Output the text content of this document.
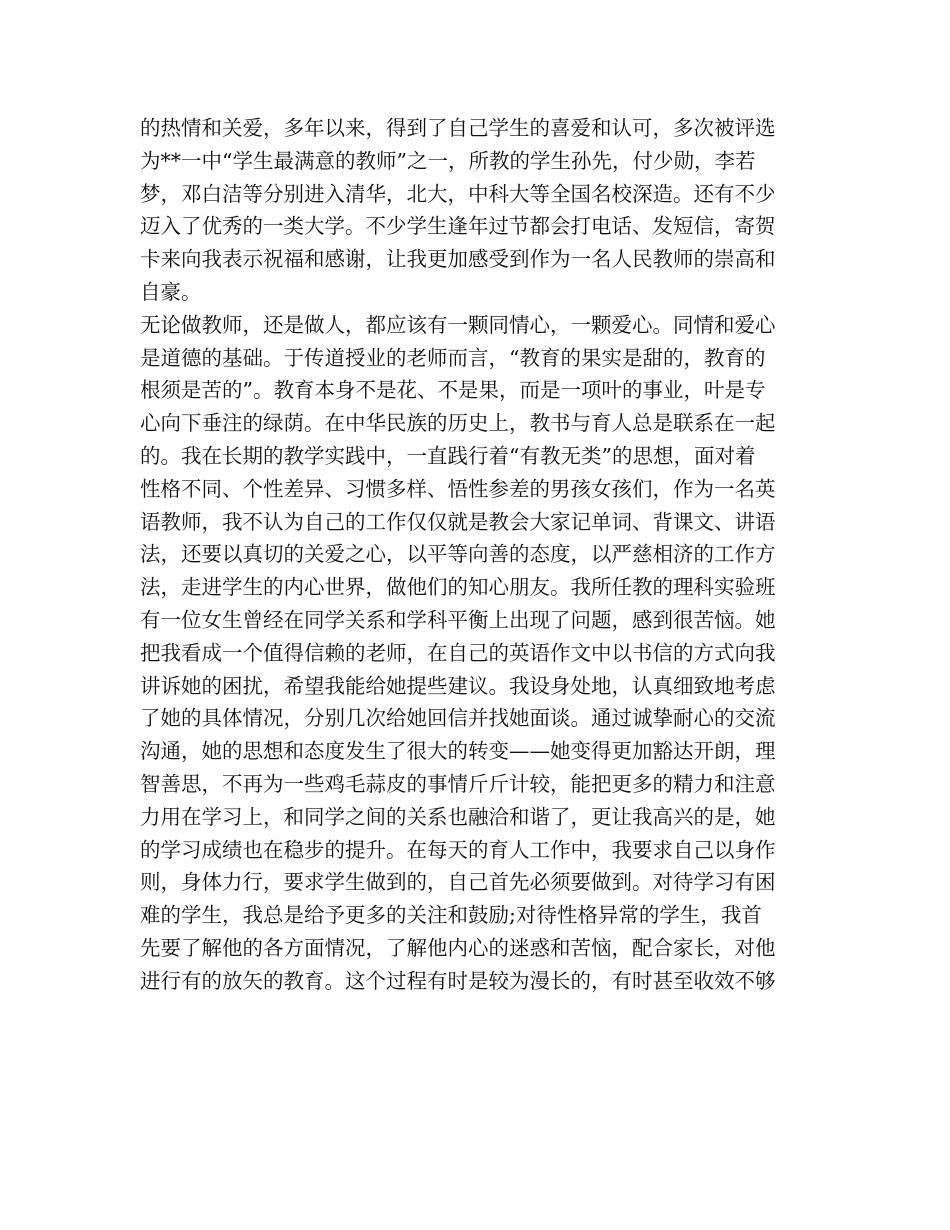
的热情和关爱，多年以来，得到了自己学生的喜爱和认可，多次被评选
为**一中“学生最满意的教师”之一，所教的学生孙先，付少勋，李若
梦，邓白洁等分别进入清华，北大，中科大等全国名校深造。还有不少
迈入了优秀的一类大学。不少学生逢年过节都会打电话、发短信，寄贺
卡来向我表示祝福和感谢，让我更加感受到作为一名人民教师的崇高和
自豪。
无论做教师，还是做人，都应该有一颗同情心，一颗爱心。同情和爱心
是道德的基础。于传道授业的老师而言，“教育的果实是甜的，教育的
根须是苦的”。教育本身不是花、不是果，而是一项叶的事业，叶是专
心向下垂注的绿荫。在中华民族的历史上，教书与育人总是联系在一起
的。我在长期的教学实践中，一直践行着“有教无类”的思想，面对着
性格不同、个性差异、习惯多样、悟性参差的男孩女孩们，作为一名英
语教师，我不认为自己的工作仅仅就是教会大家记单词、背课文、讲语
法，还要以真切的关爱之心，以平等向善的态度，以严慈相济的工作方
法，走进学生的内心世界，做他们的知心朋友。我所任教的理科实验班
有一位女生曾经在同学关系和学科平衡上出现了问题，感到很苦恼。她
把我看成一个值得信赖的老师，在自己的英语作文中以书信的方式向我
讲诉她的困扰，希望我能给她提些建议。我设身处地，认真细致地考虑
了她的具体情况，分别几次给她回信并找她面谈。通过诚挚耐心的交流
沟通，她的思想和态度发生了很大的转变——她变得更加豁达开朗，理
智善思，不再为一些鸡毛蒜皮的事情斤斤计较，能把更多的精力和注意
力用在学习上，和同学之间的关系也融洽和谐了，更让我高兴的是，她
的学习成绩也在稳步的提升。在每天的育人工作中，我要求自己以身作
则，身体力行，要求学生做到的，自己首先必须要做到。对待学习有困
难的学生，我总是给予更多的关注和鼓励;对待性格异常的学生，我首
先要了解他的各方面情况，了解他内心的迷惑和苦恼，配合家长，对他
进行有的放矢的教育。这个过程有时是较为漫长的，有时甚至收效不够
